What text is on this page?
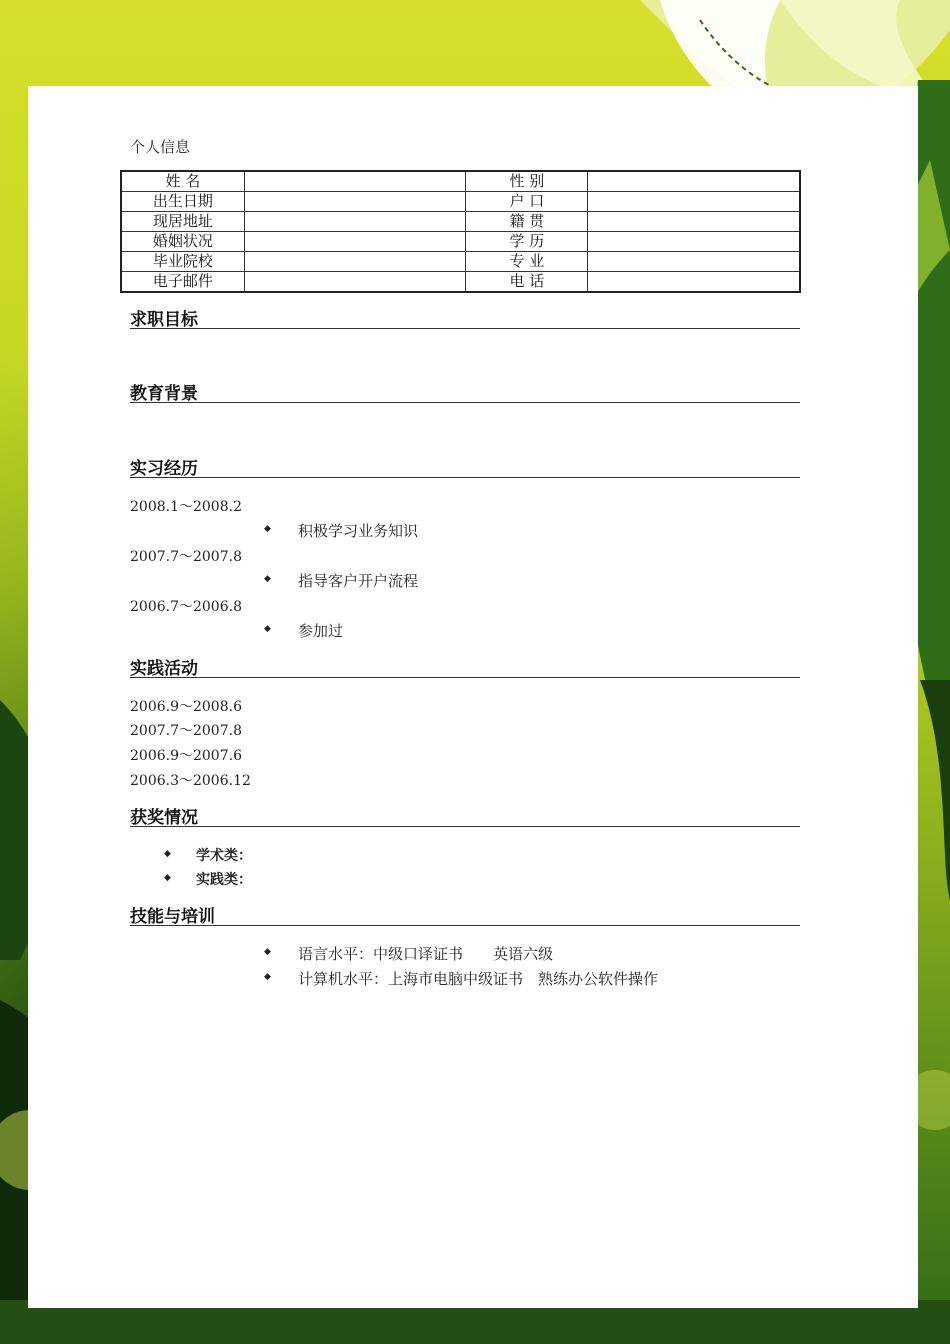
个人信息
姓 名		性 别	
出生日期		户 口	
现居地址		籍 贯	
婚姻状况		学 历	
毕业院校		专 业	
电子邮件		电 话	
求职目标
教育背景
实习经历
2008.1～2008.2
◆ 积极学习业务知识
2007.7～2007.8
◆ 指导客户开户流程
2006.7～2006.8
◆ 参加过
实践活动
2006.9～2008.6
2007.7～2007.8
2006.9～2007.6
2006.3～2006.12
获奖情况
◆ 学术类：
◆ 实践类：
技能与培训
◆ 语言水平：中级口译证书　　英语六级
◆ 计算机水平：上海市电脑中级证书　熟练办公软件操作
